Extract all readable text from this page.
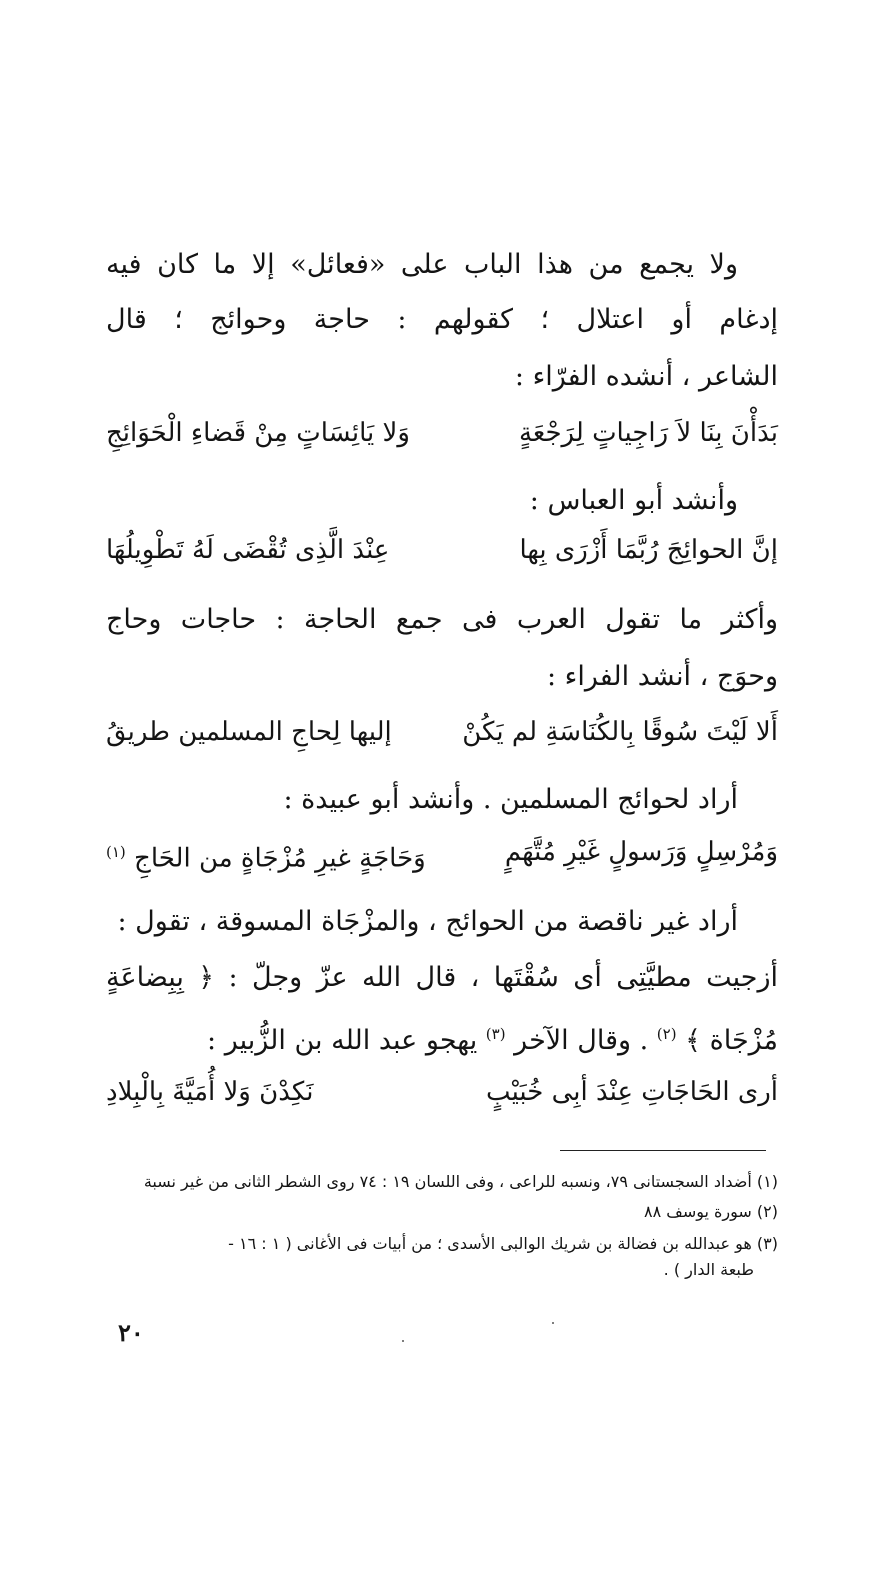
ولا يجمع من هذا الباب على «فعائل» إلا ما كان فيه
إدغام أو اعتلال ؛ كقولهم : حاجة وحوائج ؛ قال
الشاعر ، أنشده الفرّاء :
بَدَأْنَ بِنَا لاَ رَاجِياتٍ لِرَجْعَةٍ
وَلا يَائِسَاتٍ مِنْ قَضاءِ الْحَوَائِجِ
وأنشد أبو العباس :
إنَّ الحوائِجَ رُبَّمَا أَزْرَى بِها
عِنْدَ الَّذِى تُقْضَى لَهُ تَطْوِيلُهَا
وأكثر ما تقول العرب فى جمع الحاجة : حاجات وحاج
وحوَج ، أنشد الفراء :
أَلا لَيْتَ سُوقًا بِالكُنَاسَةِ لم يَكُنْ
إليها لِحاجِ المسلمين طريقُ
أراد لحوائج المسلمين . وأنشد أبو عبيدة :
وَمُرْسِلٍ وَرَسولٍ غَيْرِ مُتَّهَمٍ
وَحَاجَةٍ غيرِ مُزْجَاةٍ من الحَاجِ $^{(١)}$
أراد غير ناقصة من الحوائج ، والمزْجَاة المسوقة ، تقول :
أزجيت مطيَّتِى أى سُقْتَها ، قال الله عزّ وجلّ : ﴿ بِبِضاعَةٍ
مُزْجَاة ﴾ $^{(٢)}$ . وقال الآخر $^{(٣)}$ يهجو عبد الله بن الزُّبير :
أرى الحَاجَاتِ عِنْدَ أبِى خُبَيْبٍ
نَكِدْنَ وَلا أُمَيَّةَ بِالْبِلادِ
(١) أضداد السجستانى ٧٩، ونسبه للراعى ، وفى اللسان ١٩ : ٧٤ روى الشطر الثانى من غير نسبة
(٢) سورة يوسف ٨٨
(٣) هو عبدالله بن فضالة بن شريك الوالبى الأسدى ؛ من أبيات فى الأغانى ( ١ : ١٦ -
طبعة الدار ) .
٢٠
